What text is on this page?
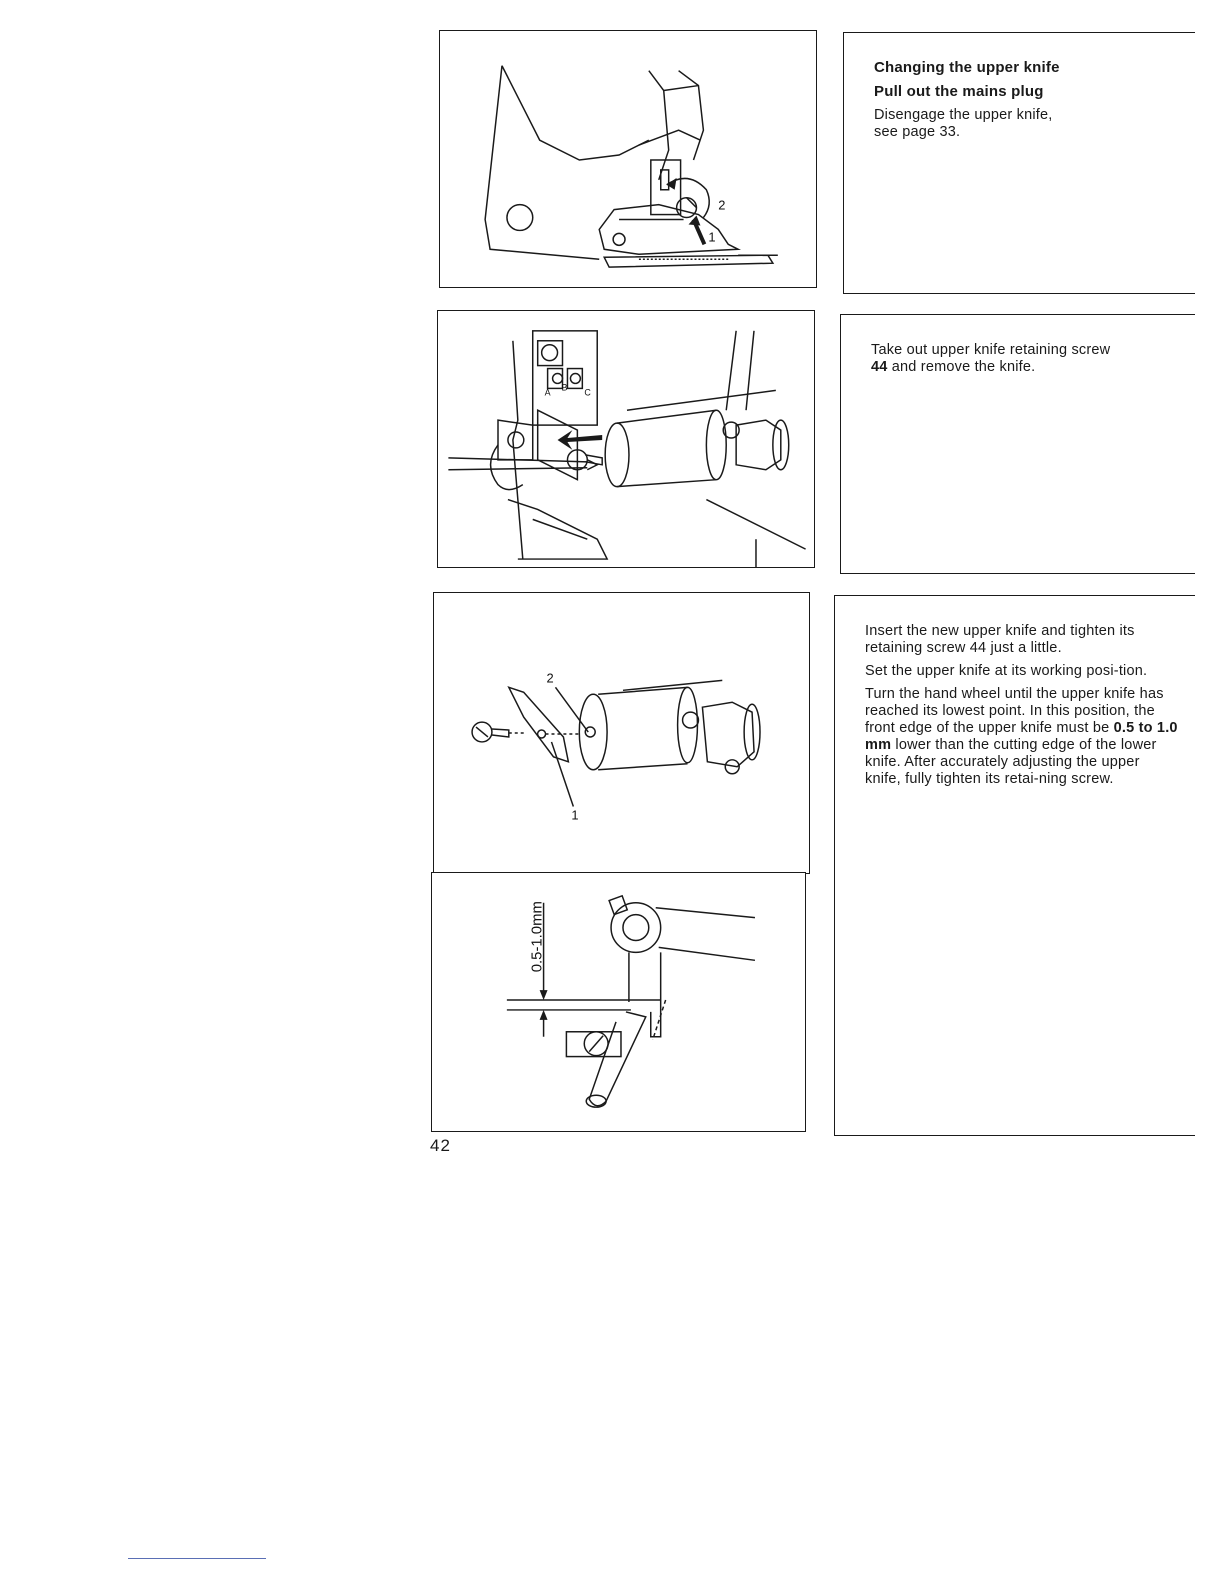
1
2

Changing the upper knife

Pull out the mains plug

Disengage the upper knife,
see page 33.
A B C

Take out upper knife retaining screw
44 and remove the knife.

2
1
0.5-1.0mm

Insert the new upper knife and tighten its retaining screw 44 just a little.

Set the upper knife at its working posi-tion.

Turn the hand wheel until the upper knife has reached its lowest point. In this position, the front edge of the upper knife must be 0.5 to 1.0 mm lower than the cutting edge of the lower knife. After accurately adjusting the upper knife, fully tighten its retai-ning screw.

42
